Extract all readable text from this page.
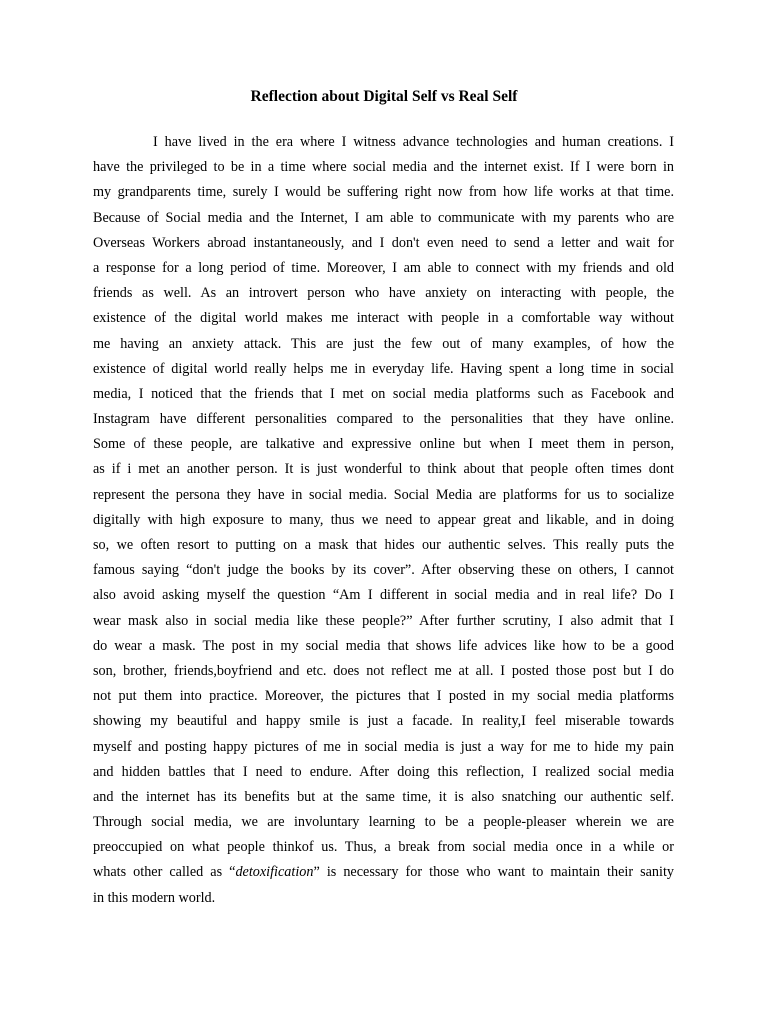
Reflection about Digital Self vs Real Self
I have lived in the era where I witness advance technologies and human creations. I
have the privileged to be in a time where social media and the internet exist. If I were born in
my grandparents time, surely I would be suffering right now from how life works at that time.
Because of Social media and the Internet, I am able to communicate with my parents who are
Overseas Workers abroad instantaneously, and I don't even need to send a letter and wait for
a response for a long period of time. Moreover, I am able to connect with my friends and old
friends as well. As an introvert person who have anxiety on interacting with people, the
existence of the digital world makes me interact with people in a comfortable way without
me having an anxiety attack. This are just the few out of many examples, of how the
existence of digital world really helps me in everyday life. Having spent a long time in social
media, I noticed that the friends that I met on social media platforms such as Facebook and
Instagram have different personalities compared to the personalities that they have online.
Some of these people, are talkative and expressive online but when I meet them in person,
as if i met an another person. It is just wonderful to think about that people often times dont
represent the persona they have in social media. Social Media are platforms for us to socialize
digitally with high exposure to many, thus we need to appear great and likable, and in doing
so, we often resort to putting on a mask that hides our authentic selves. This really puts the
famous saying “don't judge the books by its cover”. After observing these on others, I cannot
also avoid asking myself the question “Am I different in social media and in real life? Do I
wear mask also in social media like these people?” After further scrutiny, I also admit that I
do wear a mask. The post in my social media that shows life advices like how to be a good
son, brother, friends,boyfriend and etc. does not reflect me at all. I posted those post but I do
not put them into practice. Moreover, the pictures that I posted in my social media platforms
showing my beautiful and happy smile is just a facade. In reality,I feel miserable towards
myself and posting happy pictures of me in social media is just a way for me to hide my pain
and hidden battles that I need to endure. After doing this reflection, I realized social media
and the internet has its benefits but at the same time, it is also snatching our authentic self.
Through social media, we are involuntary learning to be a people-pleaser wherein we are
preoccupied on what people thinkof us. Thus, a break from social media once in a while or
whats other called as “detoxification” is necessary for those who want to maintain their sanity
in this modern world.
